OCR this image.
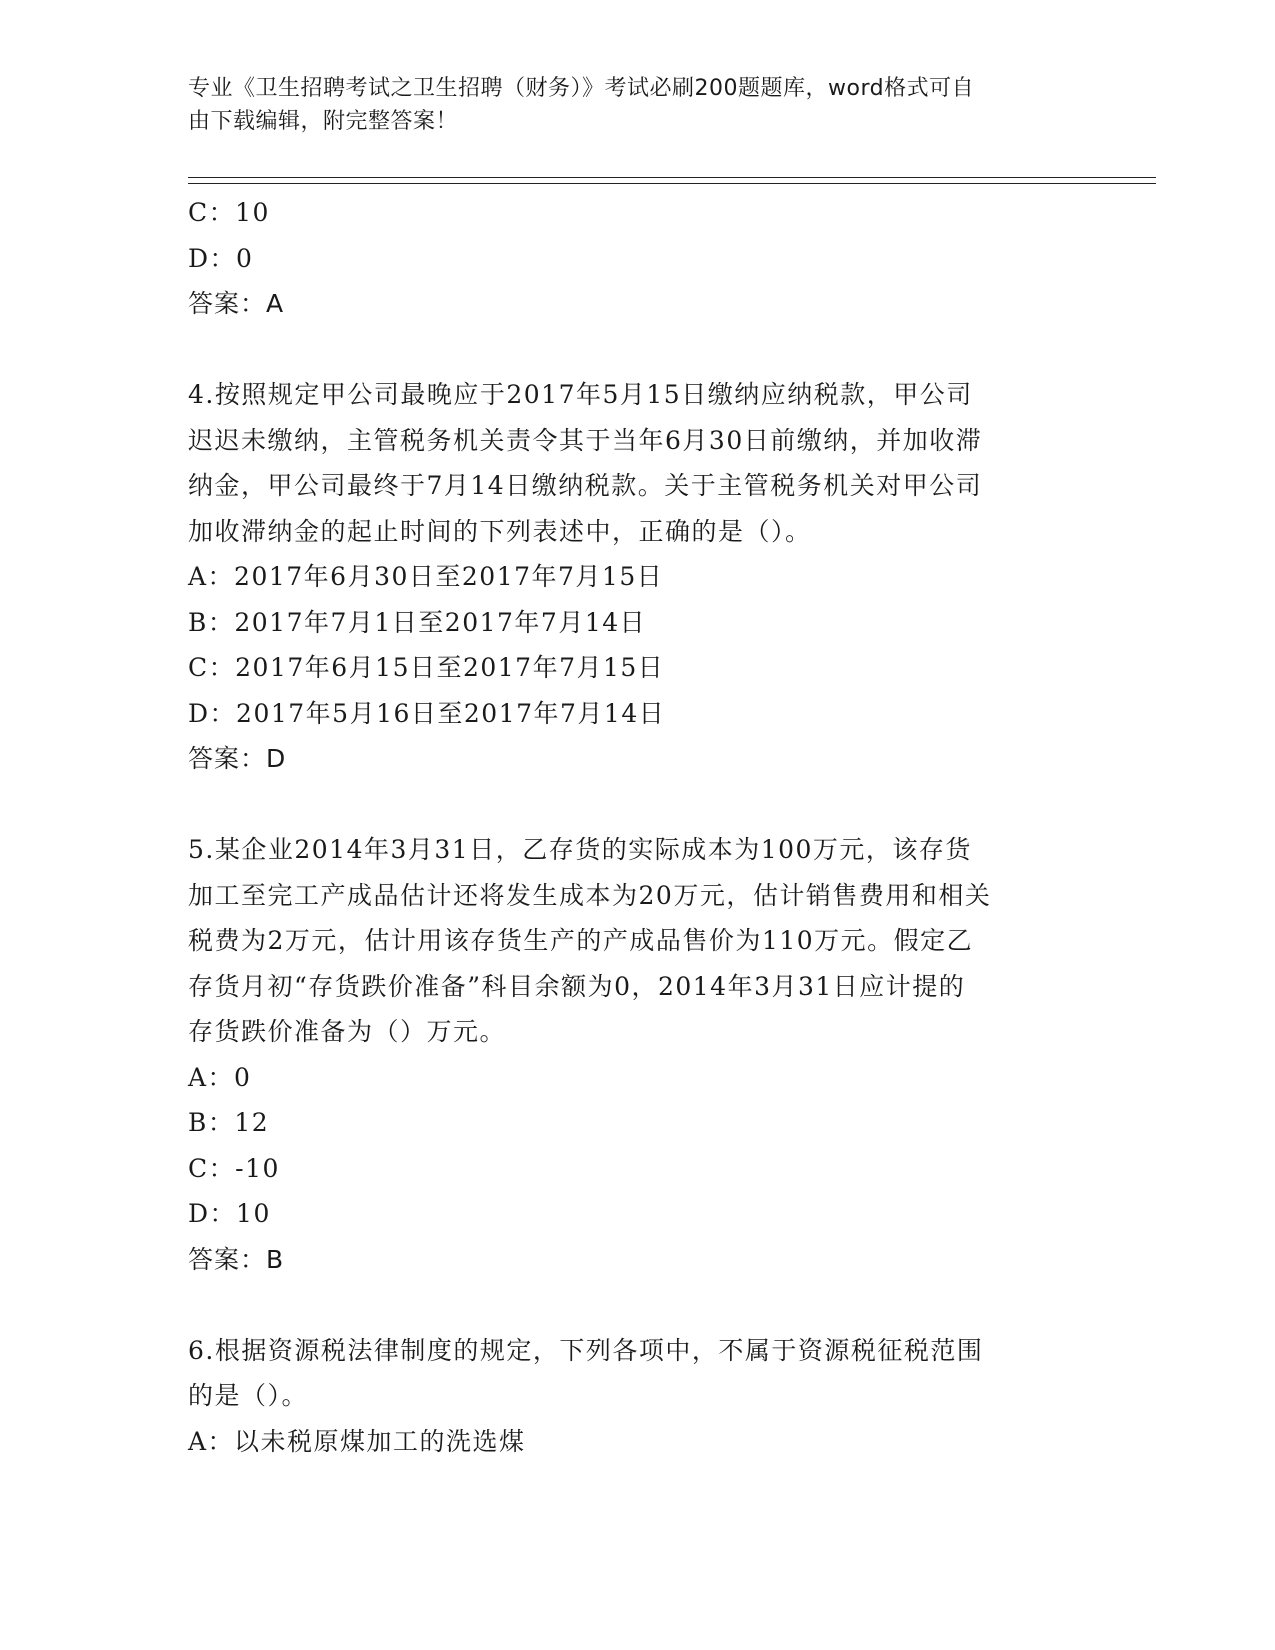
专业《卫生招聘考试之卫生招聘（财务）》考试必刷200题题库，word格式可自
由下载编辑，附完整答案！
C：10
D：0
答案：A
4.按照规定甲公司最晚应于2017年5月15日缴纳应纳税款，甲公司
迟迟未缴纳，主管税务机关责令其于当年6月30日前缴纳，并加收滞
纳金，甲公司最终于7月14日缴纳税款。关于主管税务机关对甲公司
加收滞纳金的起止时间的下列表述中，正确的是（）。
A：2017年6月30日至2017年7月15日
B：2017年7月1日至2017年7月14日
C：2017年6月15日至2017年7月15日
D：2017年5月16日至2017年7月14日
答案：D
5.某企业2014年3月31日，乙存货的实际成本为100万元，该存货
加工至完工产成品估计还将发生成本为20万元，估计销售费用和相关
税费为2万元，估计用该存货生产的产成品售价为110万元。假定乙
存货月初“存货跌价准备”科目余额为0，2014年3月31日应计提的
存货跌价准备为（）万元。
A：0
B：12
C：-10
D：10
答案：B
6.根据资源税法律制度的规定，下列各项中，不属于资源税征税范围
的是（）。
A：以未税原煤加工的洗选煤
